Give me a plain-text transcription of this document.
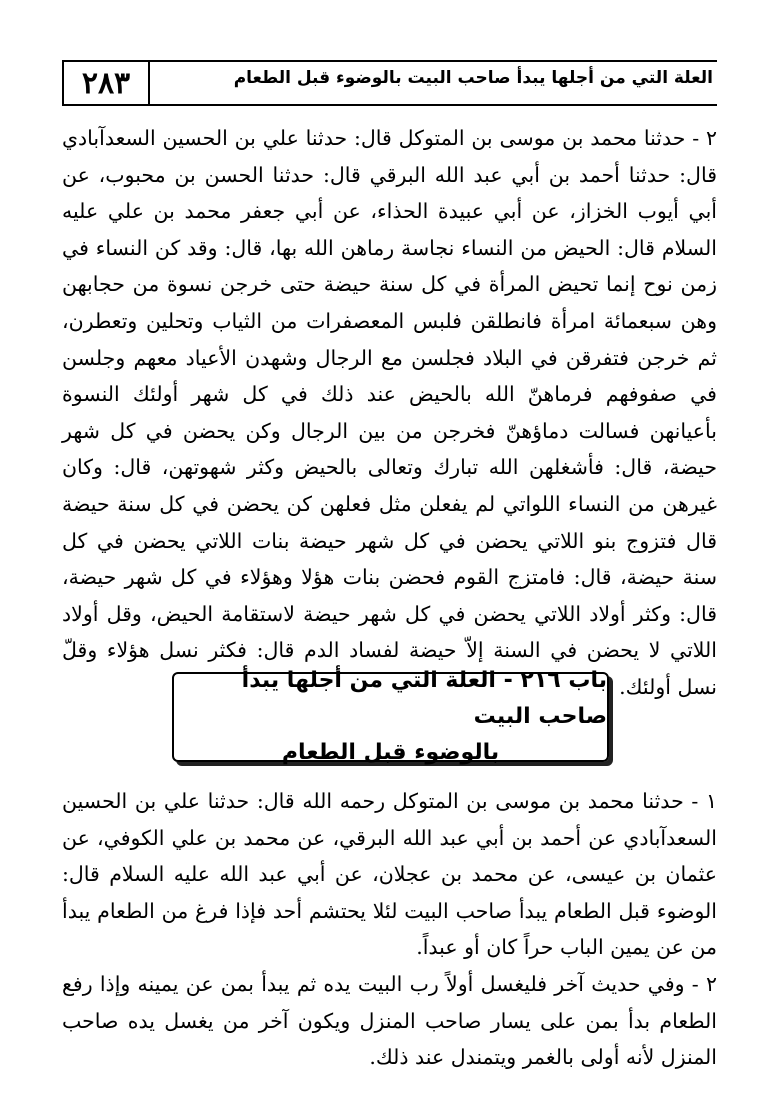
٢٨٣	العلة التي من أجلها يبدأ صاحب البيت بالوضوء قبل الطعام
٢ - حدثنا محمد بن موسى بن المتوكل قال: حدثنا علي بن الحسين السعدآبادي قال: حدثنا أحمد بن أبي عبد الله البرقي قال: حدثنا الحسن بن محبوب، عن أبي أيوب الخزاز، عن أبي عبيدة الحذاء، عن أبي جعفر محمد بن علي عليه السلام قال: الحيض من النساء نجاسة رماهن الله بها، قال: وقد كن النساء في زمن نوح إنما تحيض المرأة في كل سنة حيضة حتى خرجن نسوة من حجابهن وهن سبعمائة امرأة فانطلقن فلبس المعصفرات من الثياب وتحلين وتعطرن، ثم خرجن فتفرقن في البلاد فجلسن مع الرجال وشهدن الأعياد معهم وجلسن في صفوفهم فرماهنّ الله بالحيض عند ذلك في كل شهر أولئك النسوة بأعيانهن فسالت دماؤهنّ فخرجن من بين الرجال وكن يحضن في كل شهر حيضة، قال: فأشغلهن الله تبارك وتعالى بالحيض وكثر شهوتهن، قال: وكان غيرهن من النساء اللواتي لم يفعلن مثل فعلهن كن يحضن في كل سنة حيضة قال فتزوج بنو اللاتي يحضن في كل شهر حيضة بنات اللاتي يحضن في كل سنة حيضة، قال: فامتزج القوم فحضن بنات هؤلا وهؤلاء في كل شهر حيضة، قال: وكثر أولاد اللاتي يحضن في كل شهر حيضة لاستقامة الحيض، وقل أولاد اللاتي لا يحضن في السنة إلاّ حيضة لفساد الدم قال: فكثر نسل هؤلاء وقلّ نسل أولئك.
باب ٢١٦ - العلة التي من أجلها يبدأ صاحب البيت
بالوضوء قبل الطعام
١ - حدثنا محمد بن موسى بن المتوكل رحمه الله قال: حدثنا علي بن الحسين السعدآبادي عن أحمد بن أبي عبد الله البرقي، عن محمد بن علي الكوفي، عن عثمان بن عيسى، عن محمد بن عجلان، عن أبي عبد الله عليه السلام قال: الوضوء قبل الطعام يبدأ صاحب البيت لئلا يحتشم أحد فإذا فرغ من الطعام يبدأ من عن يمين الباب حراً كان أو عبداً.
٢ - وفي حديث آخر فليغسل أولاً رب البيت يده ثم يبدأ بمن عن يمينه وإذا رفع الطعام بدأ بمن على يسار صاحب المنزل ويكون آخر من يغسل يده صاحب المنزل لأنه أولى بالغمر ويتمندل عند ذلك.
